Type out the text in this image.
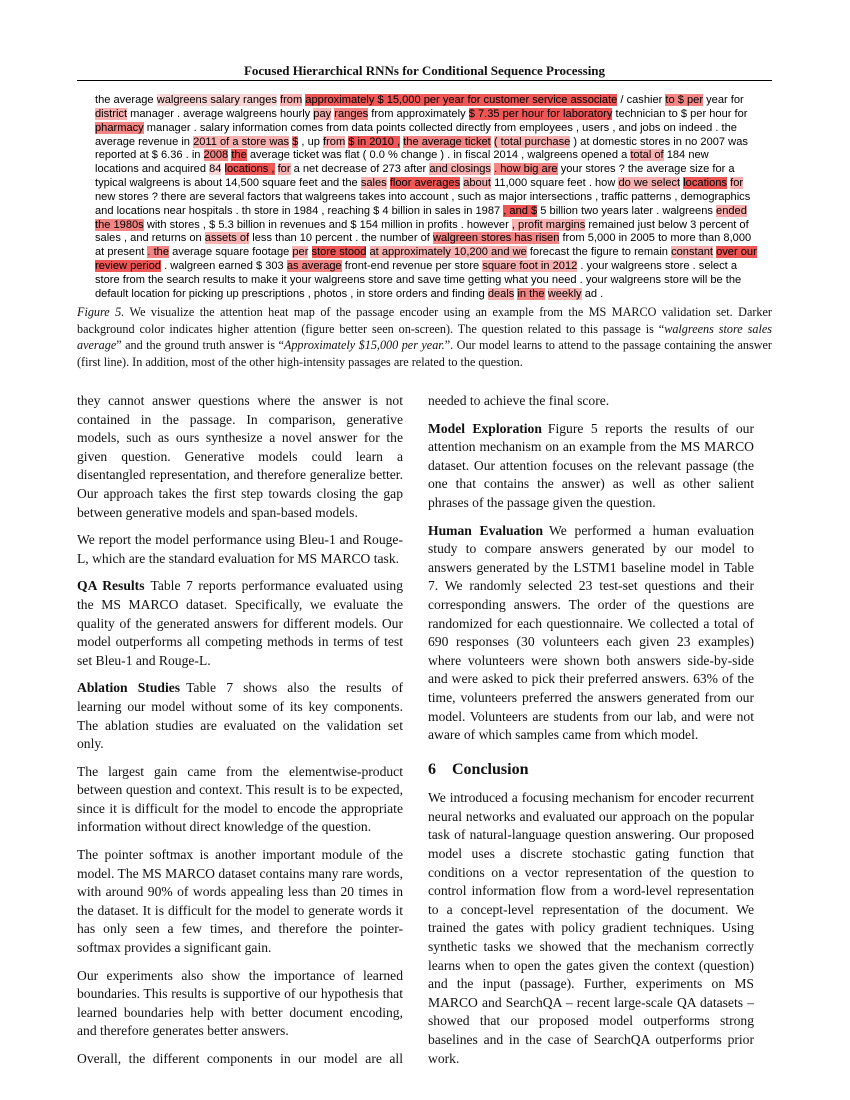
Focused Hierarchical RNNs for Conditional Sequence Processing
the average walgreens salary ranges from approximately $ 15,000 per year for customer service associate / cashier to $ per year for
district manager . average walgreens hourly pay ranges from approximately $ 7.35 per hour for laboratory technician to $ per hour for
pharmacy manager . salary information comes from data points collected directly from employees , users , and jobs on indeed . the
average revenue in 2011 of a store was $ , up from $ in 2010 , the average ticket ( total purchase ) at domestic stores in no 2007 was
reported at $ 6.36 . in 2008 the average ticket was flat ( 0.0 % change ) . in fiscal 2014 , walgreens opened a total of 184 new
locations and acquired 84 locations , for a net decrease of 273 after and closings . how big are your stores ? the average size for a
typical walgreens is about 14,500 square feet and the sales floor averages about 11,000 square feet . how do we select locations for
new stores ? there are several factors that walgreens takes into account , such as major intersections , traffic patterns , demographics
and locations near hospitals . th store in 1984 , reaching $ 4 billion in sales in 1987 , and $ 5 billion two years later . walgreens ended
the 1980s with stores , $ 5.3 billion in revenues and $ 154 million in profits . however , profit margins remained just below 3 percent of
sales , and returns on assets of less than 10 percent . the number of walgreen stores has risen from 5,000 in 2005 to more than 8,000
at present . the average square footage per store stood at approximately 10,200 and we forecast the figure to remain constant over our
review period . walgreen earned $ 303 as average front-end revenue per store square foot in 2012 . your walgreens store . select a
store from the search results to make it your walgreens store and save time getting what you need . your walgreens store will be the
default location for picking up prescriptions , photos , in store orders and finding deals in the weekly ad .
Figure 5. We visualize the attention heat map of the passage encoder using an example from the MS MARCO validation set. Darker background color indicates higher attention (figure better seen on-screen). The question related to this passage is “walgreens store sales average” and the ground truth answer is “Approximately $15,000 per year.”. Our model learns to attend to the passage containing the answer (first line). In addition, most of the other high-intensity passages are related to the question.

they cannot answer questions where the answer is not contained in the passage. In comparison, generative models, such as ours synthesize a novel answer for the given question. Generative models could learn a disentangled representation, and therefore generalize better. Our approach takes the first step towards closing the gap between generative models and span-based models.

We report the model performance using Bleu-1 and Rouge-L, which are the standard evaluation for MS MARCO task.

QA Results Table 7 reports performance evaluated using the MS MARCO dataset. Specifically, we evaluate the quality of the generated answers for different models. Our model outperforms all competing methods in terms of test set Bleu-1 and Rouge-L.

Ablation Studies Table 7 shows also the results of learning our model without some of its key components. The ablation studies are evaluated on the validation set only.

The largest gain came from the elementwise-product between question and context. This result is to be expected, since it is difficult for the model to encode the appropriate information without direct knowledge of the question.

The pointer softmax is another important module of the model. The MS MARCO dataset contains many rare words, with around 90% of words appealing less than 20 times in the dataset. It is difficult for the model to generate words it has only seen a few times, and therefore the pointer-softmax provides a significant gain.

Our experiments also show the importance of learned boundaries. This results is supportive of our hypothesis that learned boundaries help with better document encoding, and therefore generates better answers.

Overall, the different components in our model are all

needed to achieve the final score.

Model Exploration Figure 5 reports the results of our attention mechanism on an example from the MS MARCO dataset. Our attention focuses on the relevant passage (the one that contains the answer) as well as other salient phrases of the passage given the question.

Human Evaluation We performed a human evaluation study to compare answers generated by our model to answers generated by the LSTM1 baseline model in Table 7. We randomly selected 23 test-set questions and their corresponding answers. The order of the questions are randomized for each questionnaire. We collected a total of 690 responses (30 volunteers each given 23 examples) where volunteers were shown both answers side-by-side and were asked to pick their preferred answers. 63% of the time, volunteers preferred the answers generated from our model. Volunteers are students from our lab, and were not aware of which samples came from which model.

6 Conclusion

We introduced a focusing mechanism for encoder recurrent neural networks and evaluated our approach on the popular task of natural-language question answering. Our proposed model uses a discrete stochastic gating function that conditions on a vector representation of the question to control information flow from a word-level representation to a concept-level representation of the document. We trained the gates with policy gradient techniques. Using synthetic tasks we showed that the mechanism correctly learns when to open the gates given the context (question) and the input (passage). Further, experiments on MS MARCO and SearchQA – recent large-scale QA datasets – showed that our proposed model outperforms strong baselines and in the case of SearchQA outperforms prior work.
